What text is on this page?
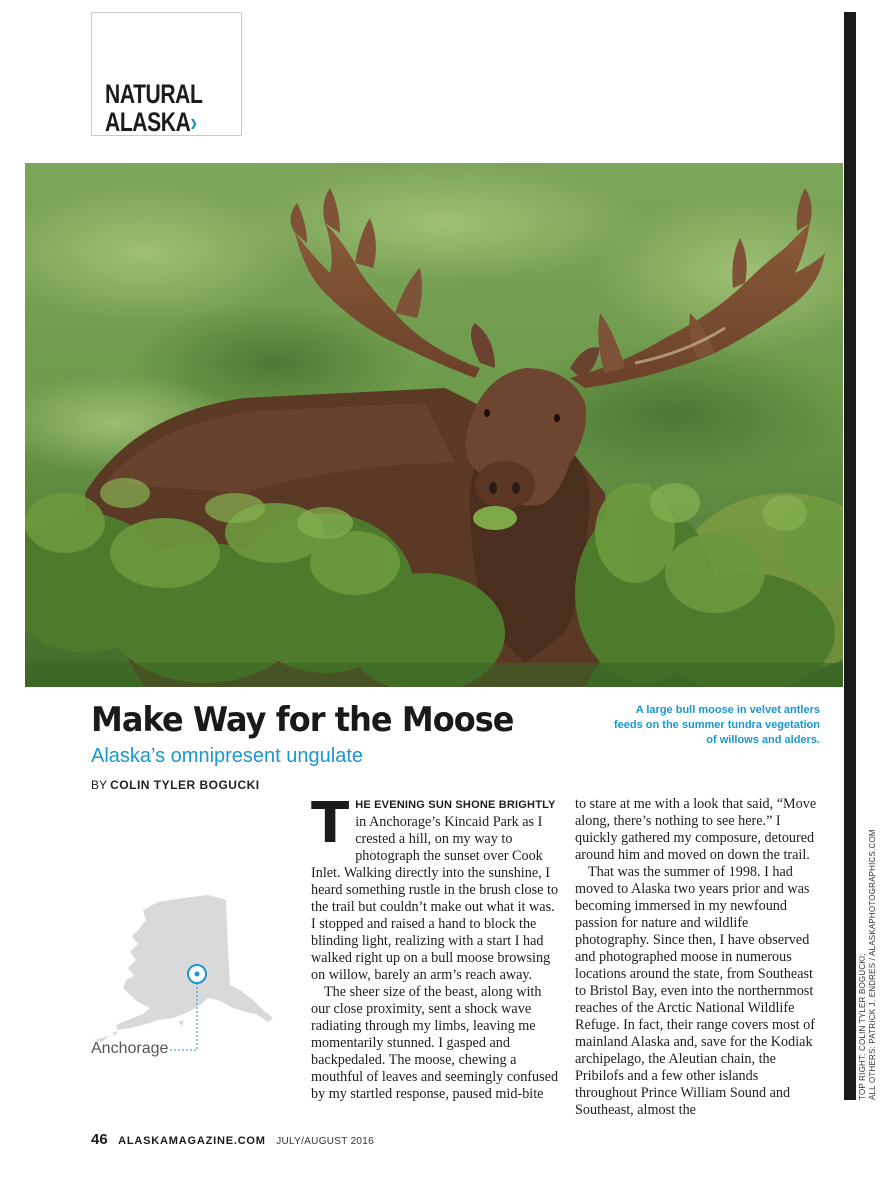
NATURAL
ALASKA›
Make Way for the Moose
Alaska’s omnipresent ungulate
BY COLIN TYLER BOGUCKI
A large bull moose in velvet antlers feeds on the summer tundra vegetation of willows and alders.

THE EVENING SUN SHONE BRIGHTLY in Anchorage’s Kincaid Park as I crested a hill, on my way to photograph the sunset over Cook Inlet. Walking directly into the sunshine, I heard something rustle in the brush close to the trail but couldn’t make out what it was. I stopped and raised a hand to block the blinding light, realizing with a start I had walked right up on a bull moose browsing on willow, barely an arm’s reach away.

The sheer size of the beast, along with our close proximity, sent a shock wave radiating through my limbs, leaving me momentarily stunned. I gasped and backpedaled. The moose, chewing a mouthful of leaves and seemingly confused by my startled response, paused mid-bite

to stare at me with a look that said, “Move along, there’s nothing to see here.” I quickly gathered my composure, detoured around him and moved on down the trail.

That was the summer of 1998. I had moved to Alaska two years prior and was becoming immersed in my newfound passion for nature and wildlife photography. Since then, I have observed and photographed moose in numerous locations around the state, from Southeast to Bristol Bay, even into the northernmost reaches of the Arctic National Wildlife Refuge. In fact, their range covers most of mainland Alaska and, save for the Kodiak archipelago, the Aleutian chain, the Pribilofs and a few other islands throughout Prince William Sound and Southeast, almost the

Anchorage	TOP RIGHT: COLIN TYLER BOGUCKI; ALL OTHERS: PATRICK J. ENDRES / ALASKAPHOTOGRAPHICS.COM
46 ALASKAMAGAZINE.COM JULY/AUGUST 2016
